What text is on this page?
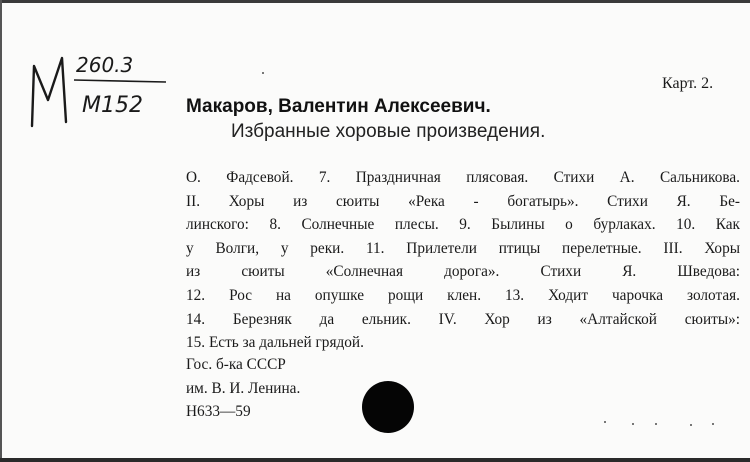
260.3
M152
Карт. 2.
Макаров, Валентин Алексеевич.
Избранные хоровые произведения.
О. Фадсевой. 7. Праздничная плясовая. Стихи А. Сальникова.
II. Хоры из сюиты «Река - богатырь». Стихи Я. Бе-
линского: 8. Солнечные плесы. 9. Былины о бурлаках. 10. Как
у Волги, у реки. 11. Прилетели птицы перелетные. III. Хоры
из сюиты «Солнечная дорога». Стихи Я. Шведова:
12. Рос на опушке рощи клен. 13. Ходит чарочка золотая.
14. Березняк да ельник. IV. Хор из «Алтайской сюиты»:
15. Есть за дальней грядой.
Гос. б-ка СССР
им. В. И. Ленина.
Н633—59
